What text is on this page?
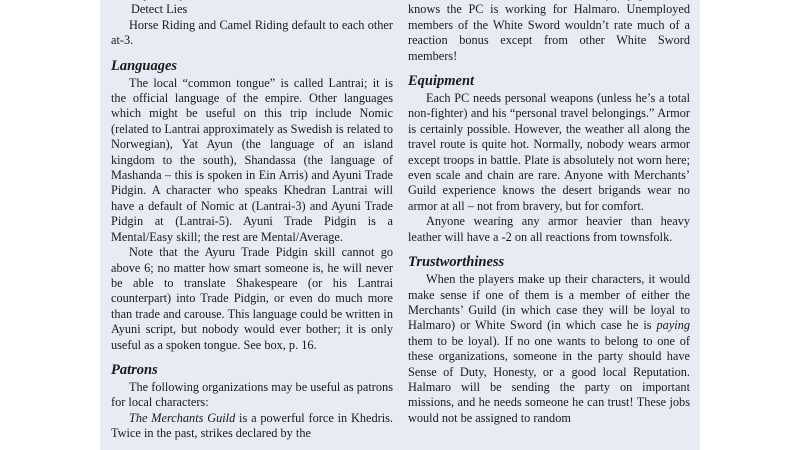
Detect Lies

Horse Riding and Camel Riding default to each other at-3.

Languages

The local “common tongue” is called Lantrai; it is the official language of the empire. Other languages which might be useful on this trip include Nomic (related to Lantrai approximately as Swedish is related to Norwegian), Yat Ayun (the language of an island kingdom to the south), Shandassa (the language of Mashanda – this is spoken in Ein Arris) and Ayuni Trade Pidgin. A character who speaks Khedran Lantrai will have a default of Nomic at (Lantrai-3) and Ayuni Trade Pidgin at (Lantrai-5). Ayuni Trade Pidgin is a Mental/Easy skill; the rest are Mental/Average.

Note that the Ayuru Trade Pidgin skill cannot go above 6; no matter how smart someone is, he will never be able to translate Shakespeare (or his Lantrai counterpart) into Trade Pidgin, or even do much more than trade and carouse. This language could be written in Ayuni script, but nobody would ever bother; it is only useful as a spoken tongue. See box, p. 16.

Patrons

The following organizations may be useful as patrons for local characters:

The Merchants Guild is a powerful force in Khedris. Twice in the past, strikes declared by the

knows the PC is working for Halmaro. Unemployed members of the White Sword wouldn’t rate much of a reaction bonus except from other White Sword members!

Equipment

Each PC needs personal weapons (unless he’s a total non-fighter) and his “personal travel belongings.” Armor is certainly possible. However, the weather all along the travel route is quite hot. Normally, nobody wears armor except troops in battle. Plate is absolutely not worn here; even scale and chain are rare. Anyone with Merchants’ Guild experience knows the desert brigands wear no armor at all – not from bravery, but for comfort.

Anyone wearing any armor heavier than heavy leather will have a -2 on all reactions from townsfolk.

Trustworthiness

When the players make up their characters, it would make sense if one of them is a member of either the Merchants’ Guild (in which case they will be loyal to Halmaro) or White Sword (in which case he is paying them to be loyal). If no one wants to belong to one of these organizations, someone in the party should have Sense of Duty, Honesty, or a good local Reputation. Halmaro will be sending the party on important missions, and he needs someone he can trust! These jobs would not be assigned to random
